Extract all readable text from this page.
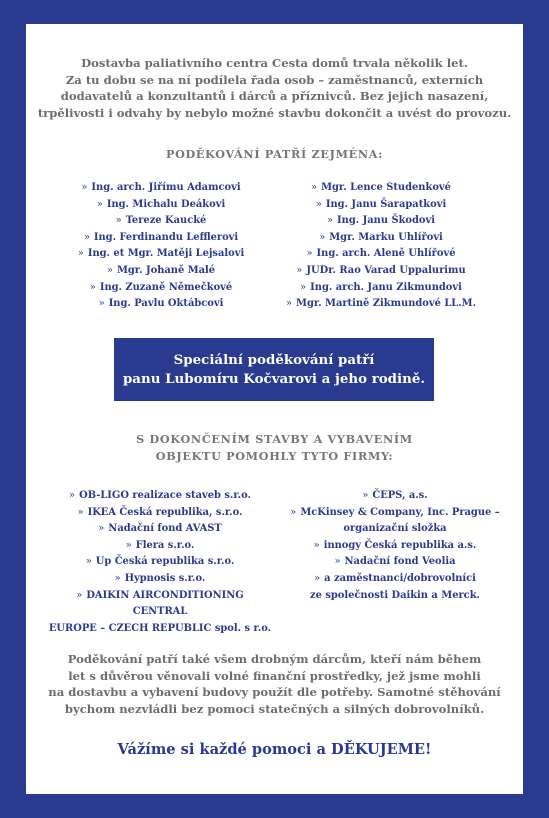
Dostavba paliativního centra Cesta domů trvala několik let.
Za tu dobu se na ní podílela řada osob – zaměstnanců, externích
dodavatelů a konzultantů i dárců a příznivců. Bez jejich nasazení,
trpělivosti i odvahy by nebylo možné stavbu dokončit a uvést do provozu.
PODĚKOVÁNÍ PATŘÍ ZEJMÉNA:
» Ing. arch. Jiřímu Adamcovi
» Ing. Michalu Deákovi
» Tereze Kaucké
» Ing. Ferdinandu Lefflerovi
» Ing. et Mgr. Matěji Lejsalovi
» Mgr. Johaně Malé
» Ing. Zuzaně Němečkové
» Ing. Pavlu Oktábcovi
» Mgr. Lence Studenkové
» Ing. Janu Šarapatkovi
» Ing. Janu Škodovi
» Mgr. Marku Uhlířovi
» Ing. arch. Aleně Uhlířové
» JUDr. Rao Varad Uppalurimu
» Ing. arch. Janu Zikmundovi
» Mgr. Martině Zikmundové LL.M.
Speciální poděkování patří
panu Lubomíru Kočvarovi a jeho rodině.
S DOKONČENÍM STAVBY A VYBAVENÍM
OBJEKTU POMOHLY TYTO FIRMY:
» OB-LIGO realizace staveb s.r.o.
» IKEA Česká republika, s.r.o.
» Nadační fond AVAST
» Flera s.r.o.
» Up Česká republika s.r.o.
» Hypnosis s.r.o.
» DAIKIN AIRCONDITIONING CENTRAL
EUROPE – CZECH REPUBLIC spol. s r.o.
» ČEPS, a.s.
» McKinsey & Company, Inc. Prague –
organizační složka
» innogy Česká republika a.s.
» Nadační fond Veolia
» a zaměstnanci/dobrovolníci
ze společnosti Daikin a Merck.
Poděkování patří také všem drobným dárcům, kteří nám během
let s důvěrou věnovali volné finanční prostředky, jež jsme mohli
na dostavbu a vybavení budovy použít dle potřeby. Samotné stěhování
bychom nezvládli bez pomoci statečných a silných dobrovolníků.
Vážíme si každé pomoci a DĚKUJEME!
